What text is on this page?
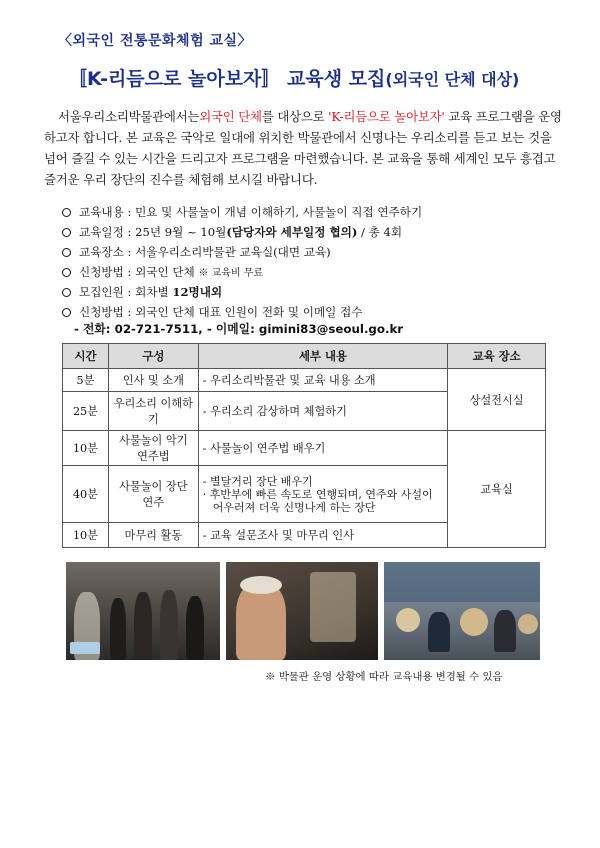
〈외국인 전통문화체험 교실〉
〚K-리듬으로 놀아보자〛 교육생 모집(외국인 단체 대상)

서울우리소리박물관에서는외국인 단체를 대상으로 'K-리듬으로 놀아보자' 교육 프로그램을 운영하고자 합니다. 본 교육은 국악로 일대에 위치한 박물관에서 신명나는 우리소리를 듣고 보는 것을 넘어 즐길 수 있는 시간을 드리고자 프로그램을 마련했습니다. 본 교육을 통해 세계인 모두 흥겹고 즐거운 우리 장단의 진수를 체험해 보시길 바랍니다.

교육내용 : 민요 및 사물놀이 개념 이해하기, 사물놀이 직접 연주하기
교육일정 : 25년 9월 ~ 10월(담당자와 세부일정 협의) / 총 4회
교육장소 : 서울우리소리박물관 교육실(대면 교육)
신청방법 : 외국인 단체 ※ 교육비 무료
모집인원 : 회차별 12명내외
신청방법 : 외국인 단체 대표 인원이 전화 및 이메일 접수
- 전화: 02-721-7511, - 이메일: gimini83@seoul.go.kr
시간	구성	세부 내용	교육 장소
5분	인사 및 소개	- 우리소리박물관 및 교육 내용 소개	상설전시실
25분	우리소리 이해하기	- 우리소리 감상하며 체험하기	
10분	사물놀이 악기 연주법	- 사물놀이 연주법 배우기	교육실
40분	사물놀이 장단 연주	- 별달거리 장단 배우기
· 후반부에 빠른 속도로 연행되며, 연주와 사설이 어우러져 더욱 신명나게 하는 장단	

10분	마무리 활동	- 교육 설문조사 및 마무리 인사	
※ 박물관 운영 상황에 따라 교육내용 변경될 수 있음
